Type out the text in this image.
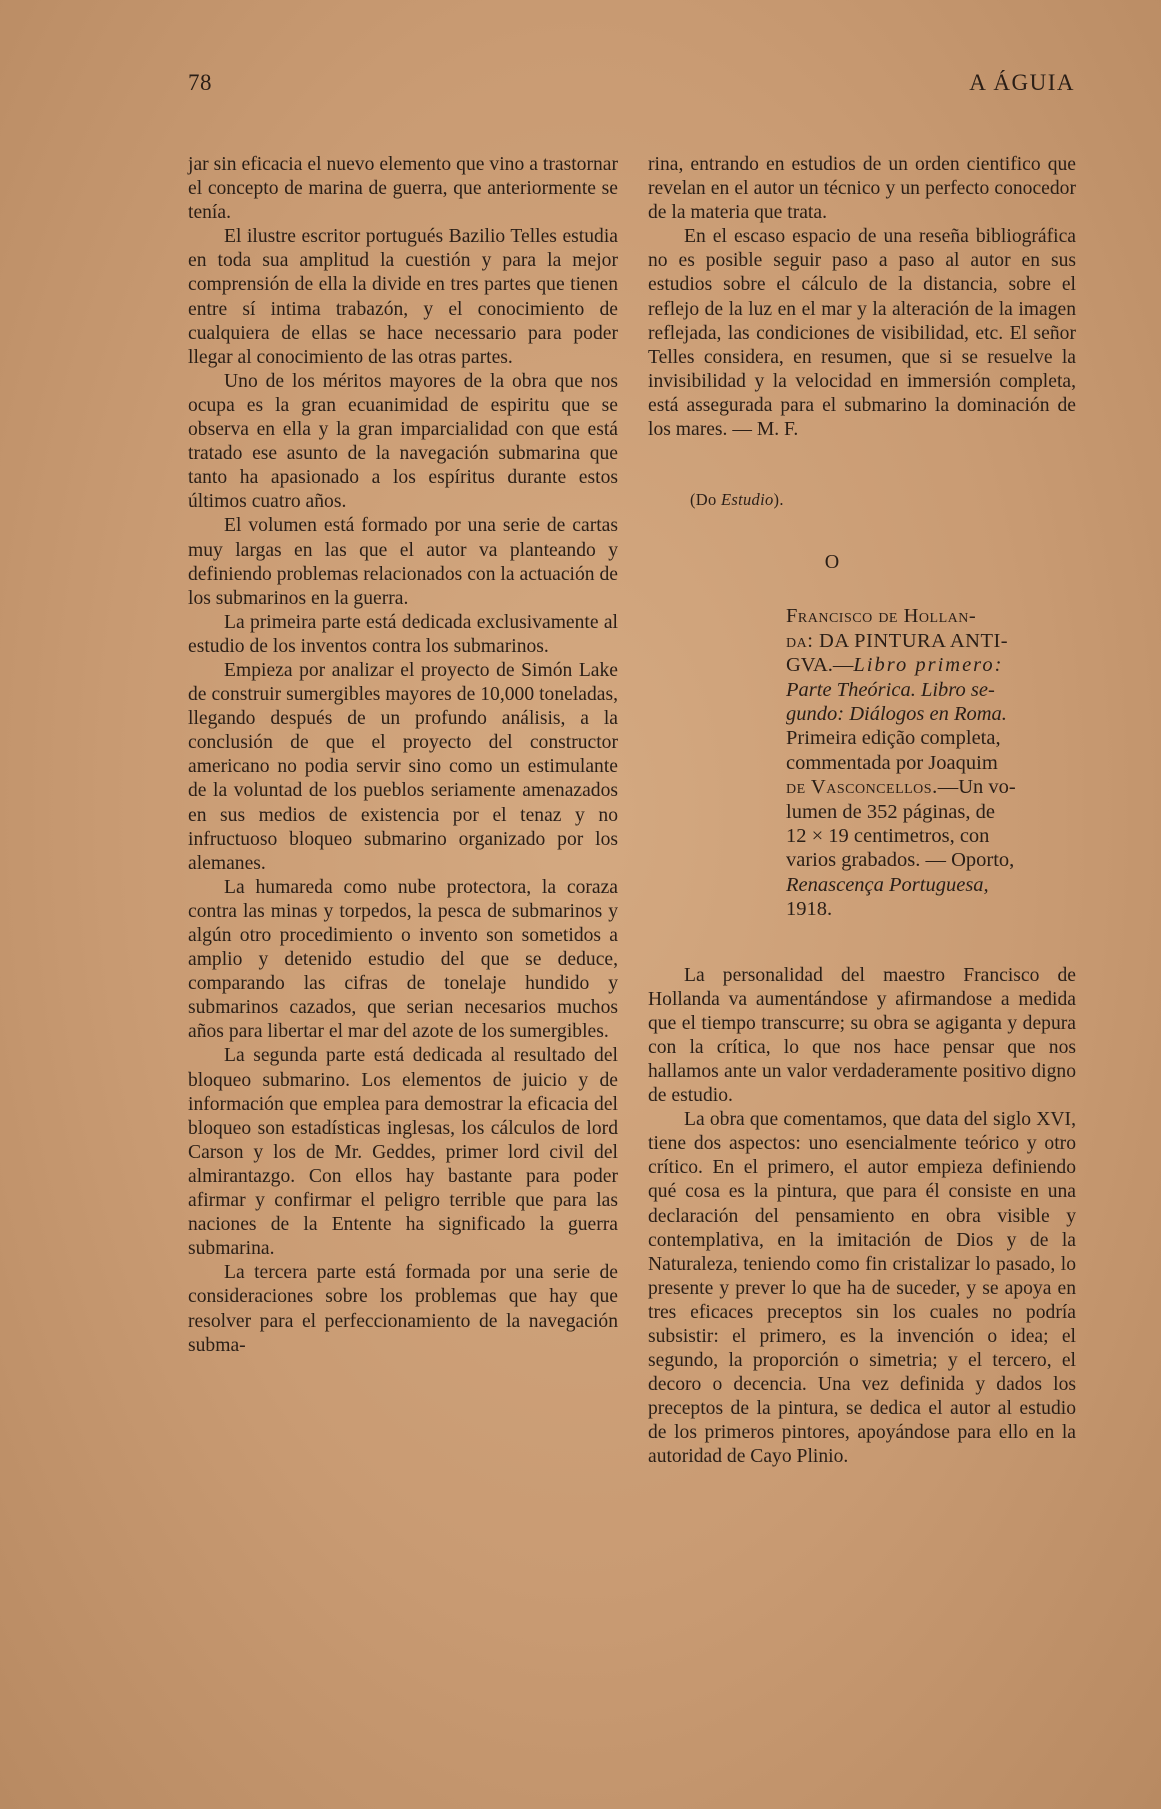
78	A ÁGUIA

jar sin eficacia el nuevo elemento que vino a trastornar el concepto de marina de guerra, que anteriormente se tenía.

El ilustre escritor portugués Bazilio Telles estudia en toda sua amplitud la cuestión y para la mejor comprensión de ella la divide en tres partes que tienen entre sí intima trabazón, y el conocimiento de cualquiera de ellas se hace necessario para poder llegar al conocimiento de las otras partes.

Uno de los méritos mayores de la obra que nos ocupa es la gran ecuanimidad de espiritu que se observa en ella y la gran imparcialidad con que está tratado ese asunto de la navegación submarina que tanto ha apasionado a los espíritus durante estos últimos cuatro años.

El volumen está formado por una serie de cartas muy largas en las que el autor va planteando y definiendo problemas relacionados con la actuación de los submarinos en la guerra.

La primeira parte está dedicada exclusivamente al estudio de los inventos contra los submarinos.

Empieza por analizar el proyecto de Simón Lake de construir sumergibles mayores de 10,000 toneladas, llegando después de un profundo análisis, a la conclusión de que el proyecto del constructor americano no podia servir sino como un estimulante de la voluntad de los pueblos seriamente amenazados en sus medios de existencia por el tenaz y no infructuoso bloqueo submarino organizado por los alemanes.

La humareda como nube protectora, la coraza contra las minas y torpedos, la pesca de submarinos y algún otro procedimiento o invento son sometidos a amplio y detenido estudio del que se deduce, comparando las cifras de tonelaje hundido y submarinos cazados, que serian necesarios muchos años para libertar el mar del azote de los sumergibles.

La segunda parte está dedicada al resultado del bloqueo submarino. Los elementos de juicio y de información que emplea para demostrar la eficacia del bloqueo son estadísticas inglesas, los cálculos de lord Carson y los de Mr. Geddes, primer lord civil del almirantazgo. Con ellos hay bastante para poder afirmar y confirmar el peligro terrible que para las naciones de la Entente ha significado la guerra submarina.

La tercera parte está formada por una serie de consideraciones sobre los problemas que hay que resolver para el perfeccionamiento de la navegación subma-

rina, entrando en estudios de un orden cientifico que revelan en el autor un técnico y un perfecto conocedor de la materia que trata.

En el escaso espacio de una reseña bibliográfica no es posible seguir paso a paso al autor en sus estudios sobre el cálculo de la distancia, sobre el reflejo de la luz en el mar y la alteración de la imagen reflejada, las condiciones de visibilidad, etc. El señor Telles considera, en resumen, que si se resuelve la invisibilidad y la velocidad en immersión completa, está assegurada para el submarino la dominación de los mares. — M. F.

(Do Estudio).
O
Francisco de Hollan-
da: DA PINTURA ANTI-
GVA.—Libro primero:
Parte Theórica. Libro se-
gundo: Diálogos en Roma.
Primeira edição completa,
commentada por Joaquim
de Vasconcellos.—Un vo-
lumen de 352 páginas, de
12 × 19 centimetros, con
varios grabados. — Oporto,
Renascença Portuguesa,
1918.

La personalidad del maestro Francisco de Hollanda va aumentándose y afirmandose a medida que el tiempo transcurre; su obra se agiganta y depura con la crítica, lo que nos hace pensar que nos hallamos ante un valor verdaderamente positivo digno de estudio.

La obra que comentamos, que data del siglo XVI, tiene dos aspectos: uno esencialmente teórico y otro crítico. En el primero, el autor empieza definiendo qué cosa es la pintura, que para él consiste en una declaración del pensamiento en obra visible y contemplativa, en la imitación de Dios y de la Naturaleza, teniendo como fin cristalizar lo pasado, lo presente y prever lo que ha de suceder, y se apoya en tres eficaces preceptos sin los cuales no podría subsistir: el primero, es la invención o idea; el segundo, la proporción o simetria; y el tercero, el decoro o decencia. Una vez definida y dados los preceptos de la pintura, se dedica el autor al estudio de los primeros pintores, apoyándose para ello en la autoridad de Cayo Plinio.
